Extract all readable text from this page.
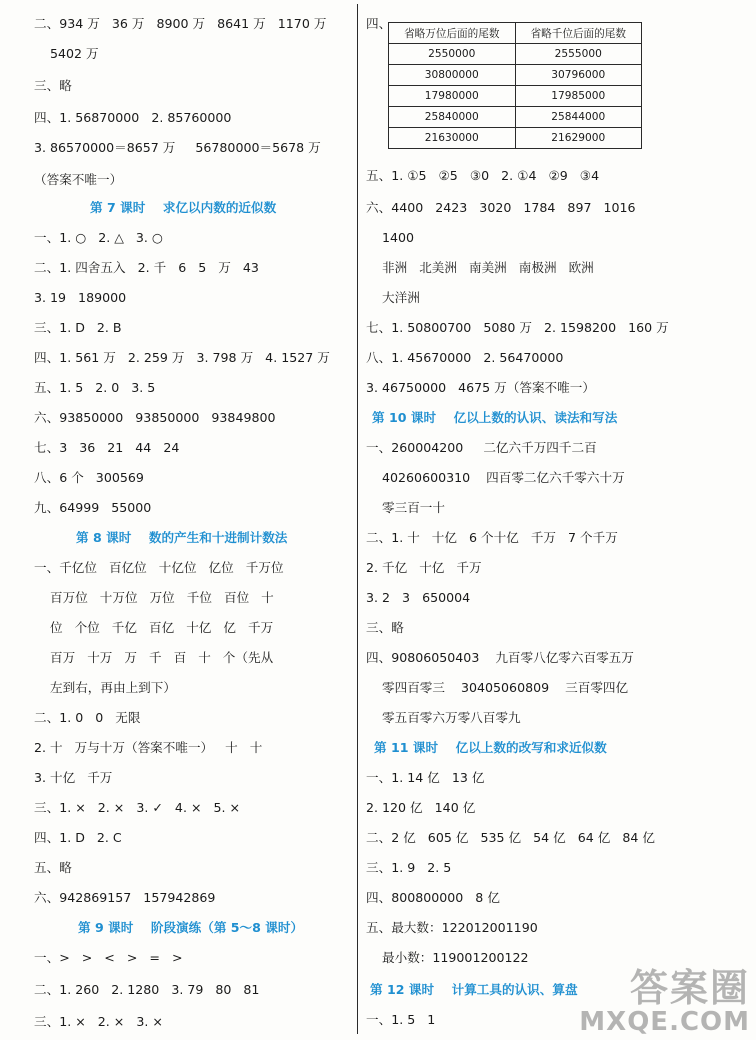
二、934 万   36 万   8900 万   8641 万   1170 万
5402 万
三、略
四、1. 56870000   2. 85760000
3. 86570000＝8657 万     56780000＝5678 万
（答案不唯一）
第 7 课时    求亿以内数的近似数
一、1. ○   2. △   3. ○
二、1. 四舍五入   2. 千   6   5   万   43
3. 19   189000
三、1. D   2. B
四、1. 561 万   2. 259 万   3. 798 万   4. 1527 万
五、1. 5   2. 0   3. 5
六、93850000   93850000   93849800
七、3   36   21   44   24
八、6 个   300569
九、64999   55000
第 8 课时    数的产生和十进制计数法
一、千亿位   百亿位   十亿位   亿位   千万位
百万位   十万位   万位   千位   百位   十
位   个位   千亿   百亿   十亿   亿   千万
百万   十万   万   千   百   十   个（先从
左到右，再由上到下）
二、1. 0   0   无限
2. 十   万与十万（答案不唯一）   十   十
3. 十亿   千万
三、1. ×   2. ×   3. ✓   4. ×   5. ×
四、1. D   2. C
五、略
六、942869157   157942869
第 9 课时    阶段演练（第 5～8 课时）
一、>   >   <   >   =   >
二、1. 260   2. 1280   3. 79   80   81
三、1. ×   2. ×   3. ×
四、
省略万位后面的尾数	省略千位后面的尾数
2550000	2555000
30800000	30796000
17980000	17985000
25840000	25844000
21630000	21629000
五、1. ①5   ②5   ③0   2. ①4   ②9   ③4
六、4400   2423   3020   1784   897   1016
1400
非洲   北美洲   南美洲   南极洲   欧洲
大洋洲
七、1. 50800700   5080 万   2. 1598200   160 万
八、1. 45670000   2. 56470000
3. 46750000   4675 万（答案不唯一）
第 10 课时    亿以上数的认识、读法和写法
一、260004200     二亿六千万四千二百
40260600310    四百零二亿六千零六十万
零三百一十
二、1. 十   十亿   6 个十亿   千万   7 个千万
2. 千亿   十亿   千万
3. 2   3   650004
三、略
四、90806050403    九百零八亿零六百零五万
零四百零三    30405060809    三百零四亿
零五百零六万零八百零九
第 11 课时    亿以上数的改写和求近似数
一、1. 14 亿   13 亿
2. 120 亿   140 亿
二、2 亿   605 亿   535 亿   54 亿   64 亿   84 亿
三、1. 9   2. 5
四、800800000   8 亿
五、最大数：122012001190
最小数：119001200122
第 12 课时    计算工具的认识、算盘
一、1. 5   1
答案圈
MXQE.COM
